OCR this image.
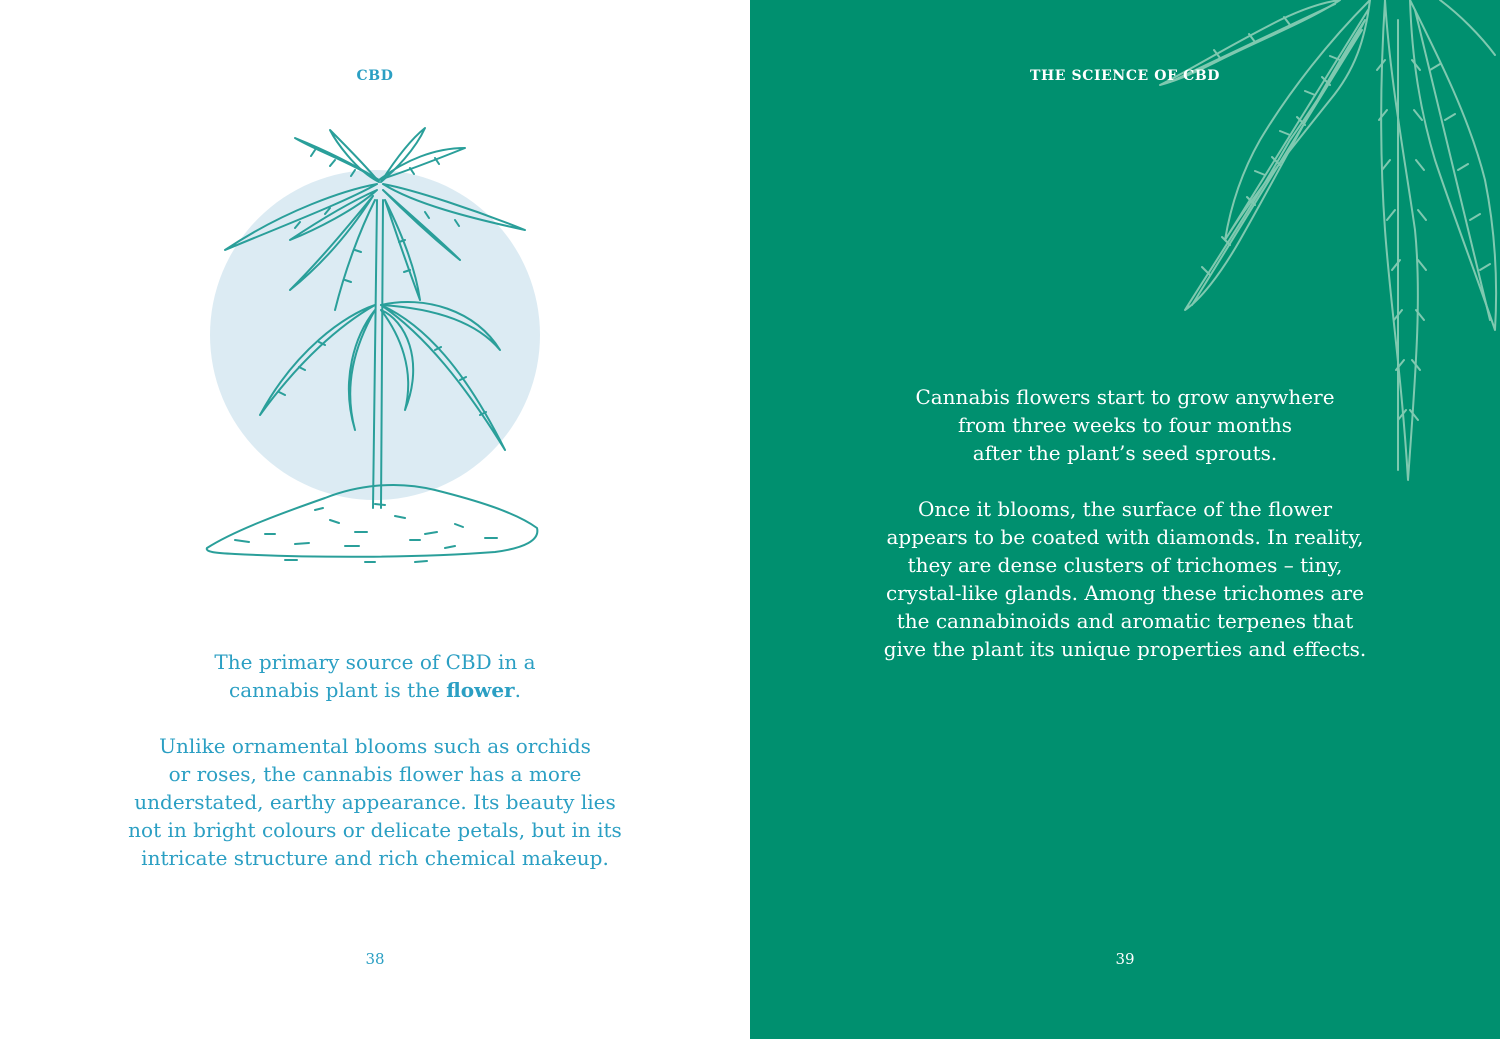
CBD

The primary source of CBD in a

cannabis plant is the flower.

Unlike ornamental blooms such as orchids

or roses, the cannabis flower has a more

understated, earthy appearance. Its beauty lies

not in bright colours or delicate petals, but in its

intricate structure and rich chemical makeup.

38
THE SCIENCE OF CBD

Cannabis flowers start to grow anywhere

from three weeks to four months

after the plant’s seed sprouts.

Once it blooms, the surface of the flower

appears to be coated with diamonds. In reality,

they are dense clusters of trichomes – tiny,

crystal-like glands. Among these trichomes are

the cannabinoids and aromatic terpenes that

give the plant its unique properties and effects.

39
